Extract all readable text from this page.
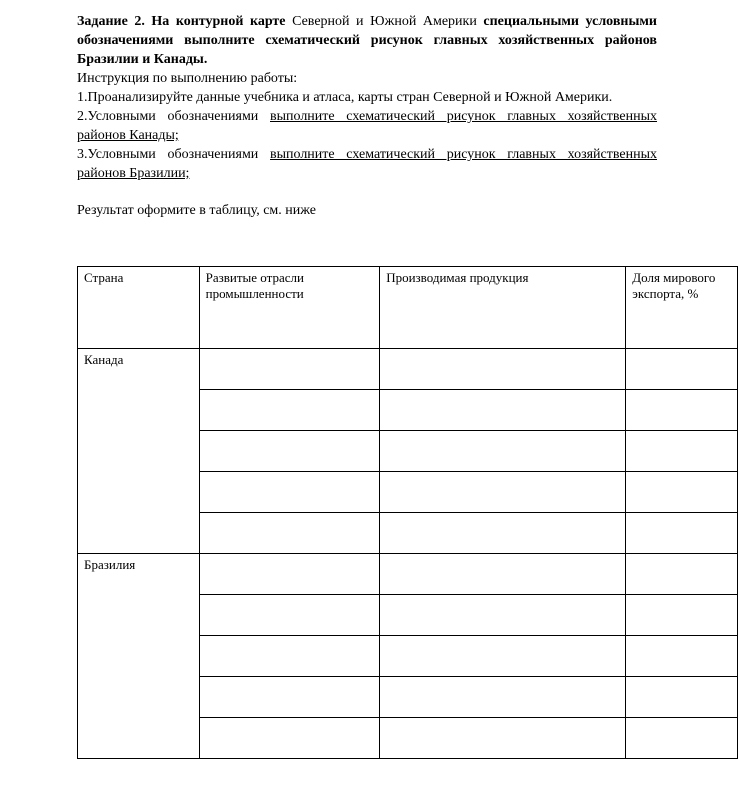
Задание 2. На контурной карте Северной и Южной Америки специальными условными обозначениями выполните схематический рисунок главных хозяйственных районов Бразилии и Канады.

Инструкция по выполнению работы:

1.Проанализируйте данные учебника и атласа, карты стран Северной и Южной Америки.

2.Условными обозначениями выполните схематический рисунок главных хозяйственных районов Канады;

3.Условными обозначениями выполните схематический рисунок главных хозяйственных районов Бразилии;

Результат оформите в таблицу, см. ниже

Страна	Развитые отрасли промышленности	Производимая продукция	Доля мирового экспорта, %
Канада			

Бразилия			
